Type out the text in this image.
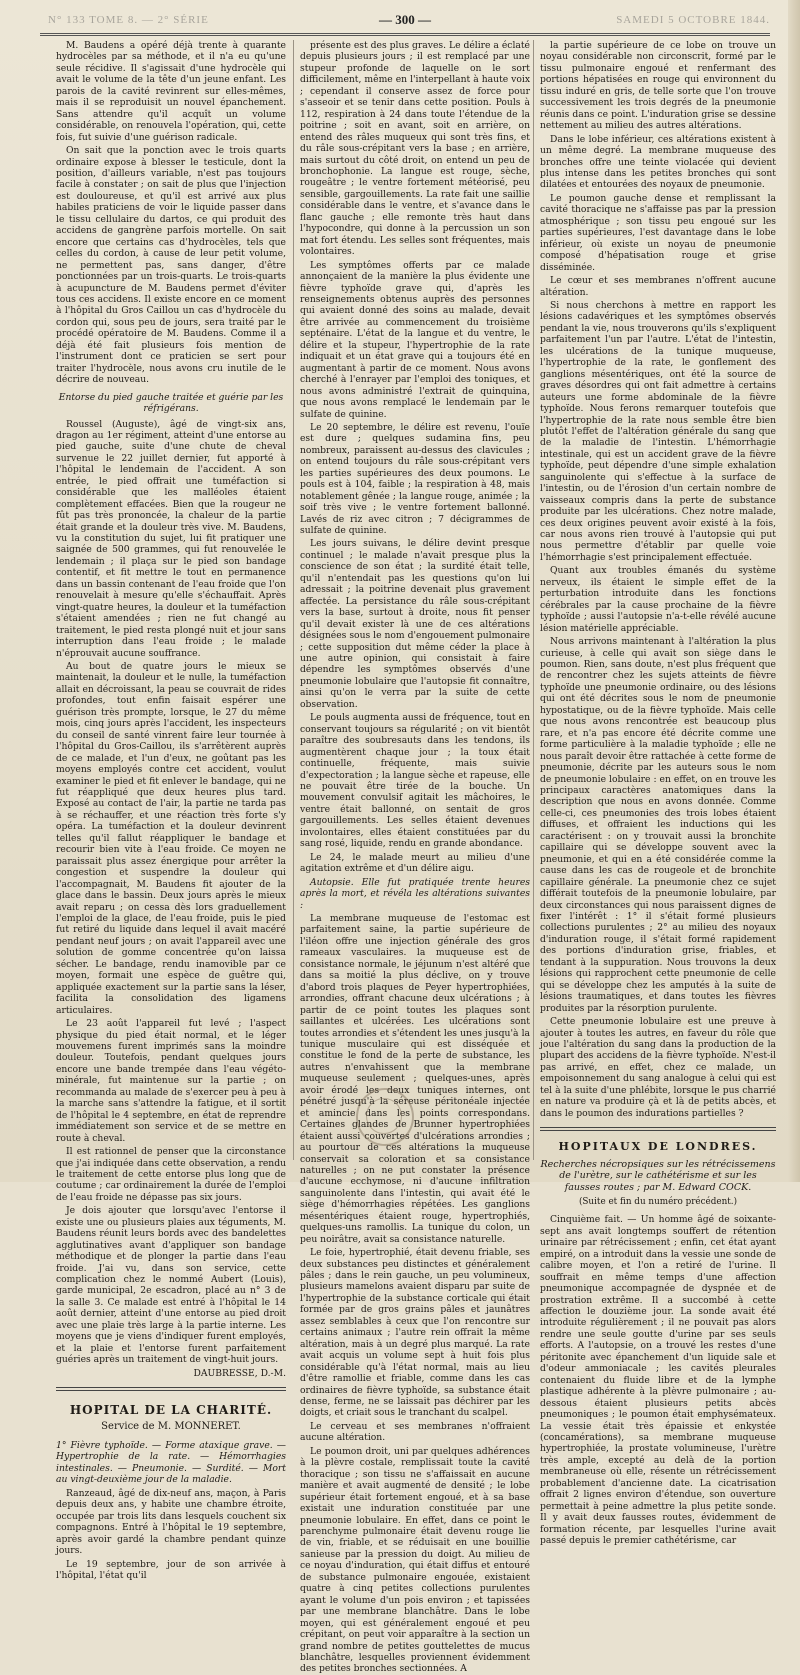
N° 133 TOME 8. — 2° SÉRIE	— 300 —	SAMEDI 5 OCTOBRE 1844.

M. Baudens a opéré déjà trente à quarante hydrocèles par sa méthode, et il n'a eu qu'une seule récidive. Il s'agissait d'une hydrocèle qui avait le volume de la tête d'un jeune enfant. Les parois de la cavité revinrent sur elles-mêmes, mais il se reproduisit un nouvel épanchement. Sans attendre qu'il acquît un volume considérable, on renouvela l'opération, qui, cette fois, fut suivie d'une guérison radicale.

On sait que la ponction avec le trois quarts ordinaire expose à blesser le testicule, dont la position, d'ailleurs variable, n'est pas toujours facile à constater ; on sait de plus que l'injection est douloureuse, et qu'il est arrivé aux plus habiles praticiens de voir le liquide passer dans le tissu cellulaire du dartos, ce qui produit des accidens de gangrène parfois mortelle. On sait encore que certains cas d'hydrocèles, tels que celles du cordon, à cause de leur petit volume, ne permettent pas, sans danger, d'être ponctionnées par un trois-quarts. Le trois-quarts à acupuncture de M. Baudens permet d'éviter tous ces accidens. Il existe encore en ce moment à l'hôpital du Gros Caillou un cas d'hydrocèle du cordon qui, sous peu de jours, sera traité par le procédé opératoire de M. Baudens. Comme il a déjà été fait plusieurs fois mention de l'instrument dont ce praticien se sert pour traiter l'hydrocèle, nous avons cru inutile de le décrire de nouveau.

Entorse du pied gauche traitée et guérie par les réfrigérans.

Roussel (Auguste), âgé de vingt-six ans, dragon au 1er régiment, atteint d'une entorse au pied gauche, suite d'une chute de cheval survenue le 22 juillet dernier, fut apporté à l'hôpital le lendemain de l'accident. A son entrée, le pied offrait une tuméfaction si considérable que les malléoles étaient complètement effacées. Bien que la rougeur ne fût pas très prononcée, la chaleur de la partie était grande et la douleur très vive. M. Baudens, vu la constitution du sujet, lui fit pratiquer une saignée de 500 grammes, qui fut renouvelée le lendemain ; il plaça sur le pied son bandage contentif, et fit mettre le tout en permanence dans un bassin contenant de l'eau froide que l'on renouvelait à mesure qu'elle s'échauffait. Après vingt-quatre heures, la douleur et la tuméfaction s'étaient amendées ; rien ne fut changé au traitement, le pied resta plongé nuit et jour sans interruption dans l'eau froide ; le malade n'éprouvait aucune souffrance.

Au bout de quatre jours le mieux se maintenait, la douleur et le nulle, la tuméfaction allait en décroissant, la peau se couvrait de rides profondes, tout enfin faisait espérer une guérison très prompte, lorsque, le 27 du même mois, cinq jours après l'accident, les inspecteurs du conseil de santé vinrent faire leur tournée à l'hôpital du Gros-Caillou, ils s'arrêtèrent auprès de ce malade, et l'un d'eux, ne goûtant pas les moyens employés contre cet accident, voulut examiner le pied et fit enlever le bandage, qui ne fut réappliqué que deux heures plus tard. Exposé au contact de l'air, la partie ne tarda pas à se réchauffer, et une réaction très forte s'y opéra. La tuméfaction et la douleur devinrent telles qu'il fallut réappliquer le bandage et recourir bien vite à l'eau froide. Ce moyen ne paraissait plus assez énergique pour arrêter la congestion et suspendre la douleur qui l'accompagnait, M. Baudens fit ajouter de la glace dans le bassin. Deux jours après le mieux avait reparu ; on cessa dès lors graduellement l'emploi de la glace, de l'eau froide, puis le pied fut retiré du liquide dans lequel il avait macéré pendant neuf jours ; on avait l'appareil avec une solution de gomme concentrée qu'on laissa sécher. Le bandage, rendu inamovible par ce moyen, formait une espèce de guêtre qui, appliquée exactement sur la partie sans la léser, facilita la consolidation des ligamens articulaires.

Le 23 août l'appareil fut levé ; l'aspect physique du pied était normal, et le léger mouvemens furent imprimés sans la moindre douleur. Toutefois, pendant quelques jours encore une bande trempée dans l'eau végéto-minérale, fut maintenue sur la partie ; on recommanda au malade de s'exercer peu à peu à la marche sans s'attendre la fatigue, et il sortit de l'hôpital le 4 septembre, en état de reprendre immédiatement son service et de se mettre en route à cheval.

Il est rationnel de penser que la circonstance que j'ai indiquée dans cette observation, a rendu le traitement de cette entorse plus long que de coutume ; car ordinairement la durée de l'emploi de l'eau froide ne dépasse pas six jours.

Je dois ajouter que lorsqu'avec l'entorse il existe une ou plusieurs plaies aux téguments, M. Baudens réunit leurs bords avec des bandelettes agglutinatives avant d'appliquer son bandage méthodique et de plonger la partie dans l'eau froide. J'ai vu, dans son service, cette complication chez le nommé Aubert (Louis), garde municipal, 2e escadron, placé au n° 3 de la salle 3. Ce malade est entré à l'hôpital le 14 août dernier, atteint d'une entorse au pied droit avec une plaie très large à la partie interne. Les moyens que je viens d'indiquer furent employés, et la plaie et l'entorse furent parfaitement guéries après un traitement de vingt-huit jours.

DAUBRESSE, D.-M.

HOPITAL DE LA CHARITÉ.
Service de M. MONNERET.

1° Fièvre typhoïde. — Forme ataxique grave. — Hypertrophie de la rate. — Hémorrhagies intestinales. — Pneumonie. — Surdité. — Mort au vingt-deuxième jour de la maladie.

Ranzeaud, âgé de dix-neuf ans, maçon, à Paris depuis deux ans, y habite une chambre étroite, occupée par trois lits dans lesquels couchent six compagnons. Entré à l'hôpital le 19 septembre, après avoir gardé la chambre pendant quinze jours.

Le 19 septembre, jour de son arrivée à l'hôpital, l'état qu'il

présente est des plus graves. Le délire a éclaté depuis plusieurs jours ; il est remplacé par une stupeur profonde de laquelle on le sort difficilement, même en l'interpellant à haute voix ; cependant il conserve assez de force pour s'asseoir et se tenir dans cette position. Pouls à 112, respiration à 24 dans toute l'étendue de la poitrine ; soit en avant, soit en arrière, on entend des râles muqueux qui sont très fins, et du râle sous-crépitant vers la base ; en arrière, mais surtout du côté droit, on entend un peu de bronchophonie. La langue est rouge, sèche, rougeâtre ; le ventre fortement météorisé, peu sensible, gargouillements. La rate fait une saillie considérable dans le ventre, et s'avance dans le flanc gauche ; elle remonte très haut dans l'hypocondre, qui donne à la percussion un son mat fort étendu. Les selles sont fréquentes, mais volontaires.

Les symptômes offerts par ce malade annonçaient de la manière la plus évidente une fièvre typhoïde grave qui, d'après les renseignements obtenus auprès des personnes qui avaient donné des soins au malade, devait être arrivée au commencement du troisième septénaire. L'état de la langue et du ventre, le délire et la stupeur, l'hypertrophie de la rate indiquait et un état grave qui a toujours été en augmentant à partir de ce moment. Nous avons cherché à l'enrayer par l'emploi des toniques, et nous avons administré l'extrait de quinquina, que nous avons remplacé le lendemain par le sulfate de quinine.

Le 20 septembre, le délire est revenu, l'ouïe est dure ; quelques sudamina fins, peu nombreux, paraissent au-dessus des clavicules ; on entend toujours du râle sous-crépitant vers les parties supérieures des deux poumons. Le pouls est à 104, faible ; la respiration à 48, mais notablement gênée ; la langue rouge, animée ; la soif très vive ; le ventre fortement ballonné. Lavés de riz avec citron ; 7 décigrammes de sulfate de quinine.

Les jours suivans, le délire devint presque continuel ; le malade n'avait presque plus la conscience de son état ; la surdité était telle, qu'il n'entendait pas les questions qu'on lui adressait ; la poitrine devenait plus gravement affectée. La persistance du râle sous-crépitant vers la base, surtout à droite, nous fit penser qu'il devait exister là une de ces altérations désignées sous le nom d'engouement pulmonaire ; cette supposition dut même céder la place à une autre opinion, qui consistait à faire dépendre les symptômes observés d'une pneumonie lobulaire que l'autopsie fit connaître, ainsi qu'on le verra par la suite de cette observation.

Le pouls augmenta aussi de fréquence, tout en conservant toujours sa régularité ; on vit bientôt paraître des soubresauts dans les tendons, ils augmentèrent chaque jour ; la toux était continuelle, fréquente, mais suivie d'expectoration ; la langue sèche et rapeuse, elle ne pouvait être tirée de la bouche. Un mouvement convulsif agitait les mâchoires, le ventre était ballonné, on sentait de gros gargouillements. Les selles étaient devenues involontaires, elles étaient constituées par du sang rosé, liquide, rendu en grande abondance.

Le 24, le malade meurt au milieu d'une agitation extrême et d'un délire aigu.

Autopsie. Elle fut pratiquée trente heures après la mort, et révéla les altérations suivantes :

La membrane muqueuse de l'estomac est parfaitement saine, la partie supérieure de l'iléon offre une injection générale des gros rameaux vasculaires. la muqueuse est de consistance normale, le jéjunum n'est altéré que dans sa moitié la plus déclive, on y trouve d'abord trois plaques de Peyer hypertrophiées, arrondies, offrant chacune deux ulcérations ; à partir de ce point toutes les plaques sont saillantes et ulcérées. Les ulcérations sont toutes arrondies et s'étendent les unes jusqu'à la tunique musculaire qui est disséquée et constitue le fond de la perte de substance, les autres n'envahissent que la membrane muqueuse seulement ; quelques-unes, après avoir érodé les deux tuniques internes, ont pénétré jusqu'à la séreuse péritonéale injectée et amincie dans les points correspondans. Certaines glandes de Brunner hypertrophiées étaient aussi couvertes d'ulcérations arrondies ; au pourtour de ces altérations la muqueuse conservait sa coloration et sa consistance naturelles ; on ne put constater la présence d'aucune ecchymose, ni d'aucune infiltration sanguinolente dans l'intestin, qui avait été le siège d'hémorrhagies répétées. Les ganglions mésentériques étaient rouge, hypertrophiés, quelques-uns ramollis. La tunique du colon, un peu noirâtre, avait sa consistance naturelle.

Le foie, hypertrophié, était devenu friable, ses deux substances peu distinctes et généralement pâles ; dans le rein gauche, un peu volumineux, plusieurs mamelons avaient disparu par suite de l'hypertrophie de la substance corticale qui était formée par de gros grains pâles et jaunâtres assez semblables à ceux que l'on rencontre sur certains animaux ; l'autre rein offrait la même altération, mais à un degré plus marqué. La rate avait acquis un volume sept à huit fois plus considérable qu'à l'état normal, mais au lieu d'être ramollie et friable, comme dans les cas ordinaires de fièvre typhoïde, sa substance était dense, ferme, ne se laissait pas déchirer par les doigts, et criait sous le tranchant du scalpel.

Le cerveau et ses membranes n'offraient aucune altération.

Le poumon droit, uni par quelques adhérences à la plèvre costale, remplissait toute la cavité thoracique ; son tissu ne s'affaissait en aucune manière et avait augmenté de densité ; le lobe supérieur était fortement engoué, et à sa base existait une induration constituée par une pneumonie lobulaire. En effet, dans ce point le parenchyme pulmonaire était devenu rouge lie de vin, friable, et se réduisait en une bouillie sanieuse par la pression du doigt. Au milieu de ce noyau d'induration, qui était diffus et entouré de substance pulmonaire engouée, existaient quatre à cinq petites collections purulentes ayant le volume d'un pois environ ; et tapissées par une membrane blanchâtre. Dans le lobe moyen, qui est généralement engoué et peu crépitant, on peut voir apparaître à la section un grand nombre de petites gouttelettes de mucus blanchâtre, lesquelles proviennent évidemment des petites bronches sectionnées. A

la partie supérieure de ce lobe on trouve un noyau considérable non circonscrit, formé par le tissu pulmonaire engoué et renfermant des portions hépatisées en rouge qui environnent du tissu induré en gris, de telle sorte que l'on trouve successivement les trois degrés de la pneumonie réunis dans ce point. L'induration grise se dessine nettement au milieu des autres altérations.

Dans le lobe inférieur, ces altérations existent à un même degré. La membrane muqueuse des bronches offre une teinte violacée qui devient plus intense dans les petites bronches qui sont dilatées et entourées des noyaux de pneumonie.

Le poumon gauche dense et remplissant la cavité thoracique ne s'affaisse pas par la pression atmosphérique ; son tissu peu engoué sur les parties supérieures, l'est davantage dans le lobe inférieur, où existe un noyau de pneumonie composé d'hépatisation rouge et grise disséminée.

Le cœur et ses membranes n'offrent aucune altération.

Si nous cherchons à mettre en rapport les lésions cadavériques et les symptômes observés pendant la vie, nous trouverons qu'ils s'expliquent parfaitement l'un par l'autre. L'état de l'intestin, les ulcérations de la tunique muqueuse, l'hypertrophie de la rate, le gonflement des ganglions mésentériques, ont été la source de graves désordres qui ont fait admettre à certains auteurs une forme abdominale de la fièvre typhoïde. Nous ferons remarquer toutefois que l'hypertrophie de la rate nous semble être bien plutôt l'effet de l'altération générale du sang que de la maladie de l'intestin. L'hémorrhagie intestinale, qui est un accident grave de la fièvre typhoïde, peut dépendre d'une simple exhalation sanguinolente qui s'effectue à la surface de l'intestin, ou de l'érosion d'un certain nombre de vaisseaux compris dans la perte de substance produite par les ulcérations. Chez notre malade, ces deux origines peuvent avoir existé à la fois, car nous avons rien trouvé à l'autopsie qui put nous permettre d'établir par quelle voie l'hémorrhagie s'est principalement effectuée.

Quant aux troubles émanés du système nerveux, ils étaient le simple effet de la perturbation introduite dans les fonctions cérébrales par la cause prochaine de la fièvre typhoïde ; aussi l'autopsie n'a-t-elle révélé aucune lésion matérielle appréciable.

Nous arrivons maintenant à l'altération la plus curieuse, à celle qui avait son siège dans le poumon. Rien, sans doute, n'est plus fréquent que de rencontrer chez les sujets atteints de fièvre typhoïde une pneumonie ordinaire, ou des lésions qui ont été décrites sous le nom de pneumonie hypostatique, ou de la fièvre typhoïde. Mais celle que nous avons rencontrée est beaucoup plus rare, et n'a pas encore été décrite comme une forme particulière à la maladie typhoïde ; elle ne nous paraît devoir être rattachée à cette forme de pneumonie, décrite par les auteurs sous le nom de pneumonie lobulaire : en effet, on en trouve les principaux caractères anatomiques dans la description que nous en avons donnée. Comme celle-ci, ces pneumonies des trois lobes étaient diffuses, et offraient les inductions qui les caractérisent : on y trouvait aussi la bronchite capillaire qui se développe souvent avec la pneumonie, et qui en a été considérée comme la cause dans les cas de rougeole et de bronchite capillaire générale. La pneumonie chez ce sujet différait toutefois de la pneumonie lobulaire, par deux circonstances qui nous paraissent dignes de fixer l'intérêt : 1° il s'était formé plusieurs collections purulentes ; 2° au milieu des noyaux d'induration rouge, il s'était formé rapidement des portions d'induration grise, friables, et tendant à la suppuration. Nous trouvons la deux lésions qui rapprochent cette pneumonie de celle qui se développe chez les amputés à la suite de lésions traumatiques, et dans toutes les fièvres produites par la résorption purulente.

Cette pneumonie lobulaire est une preuve à ajouter à toutes les autres, en faveur du rôle que joue l'altération du sang dans la production de la plupart des accidens de la fièvre typhoïde. N'est-il pas arrivé, en effet, chez ce malade, un empoisonnement du sang analogue à celui qui est tel à la suite d'une phlébite, lorsque le pus charrié en nature va produire çà et là de petits abcès, et dans le poumon des indurations partielles ?

HOPITAUX DE LONDRES.
Recherches nécropsiques sur les rétrécissemens de l'urètre, sur le cathétérisme et sur les fausses routes ; par M. Edward COCK.
(Suite et fin du numéro précédent.)

Cinquième fait. — Un homme âgé de soixante-sept ans avait longtemps souffert de rétention urinaire par rétrécissement ; enfin, cet état ayant empiré, on a introduit dans la vessie une sonde de calibre moyen, et l'on a retiré de l'urine. Il souffrait en même temps d'une affection pneumonique accompagnée de dyspnée et de prostration extrême. Il a succombé à cette affection le douzième jour. La sonde avait été introduite régulièrement ; il ne pouvait pas alors rendre une seule goutte d'urine par ses seuls efforts. A l'autopsie, on a trouvé les restes d'une péritonite avec épanchement d'un liquide sale et d'odeur ammoniacale ; les cavités pleurales contenaient du fluide libre et de la lymphe plastique adhérente à la plèvre pulmonaire ; au-dessous étaient plusieurs petits abcès pneumoniques ; le poumon était emphysémateux. La vessie était très épaissie et enkystée (concamérations), sa membrane muqueuse hypertrophiée, la prostate volumineuse, l'urètre très ample, excepté au delà de la portion membraneuse où elle, résente un rétrécissement probablement d'ancienne date. La cicatrisation offrait 2 lignes environ d'étendue, son ouverture permettait à peine admettre la plus petite sonde. Il y avait deux fausses routes, évidemment de formation récente, par lesquelles l'urine avait passé depuis le premier cathétérisme, car
